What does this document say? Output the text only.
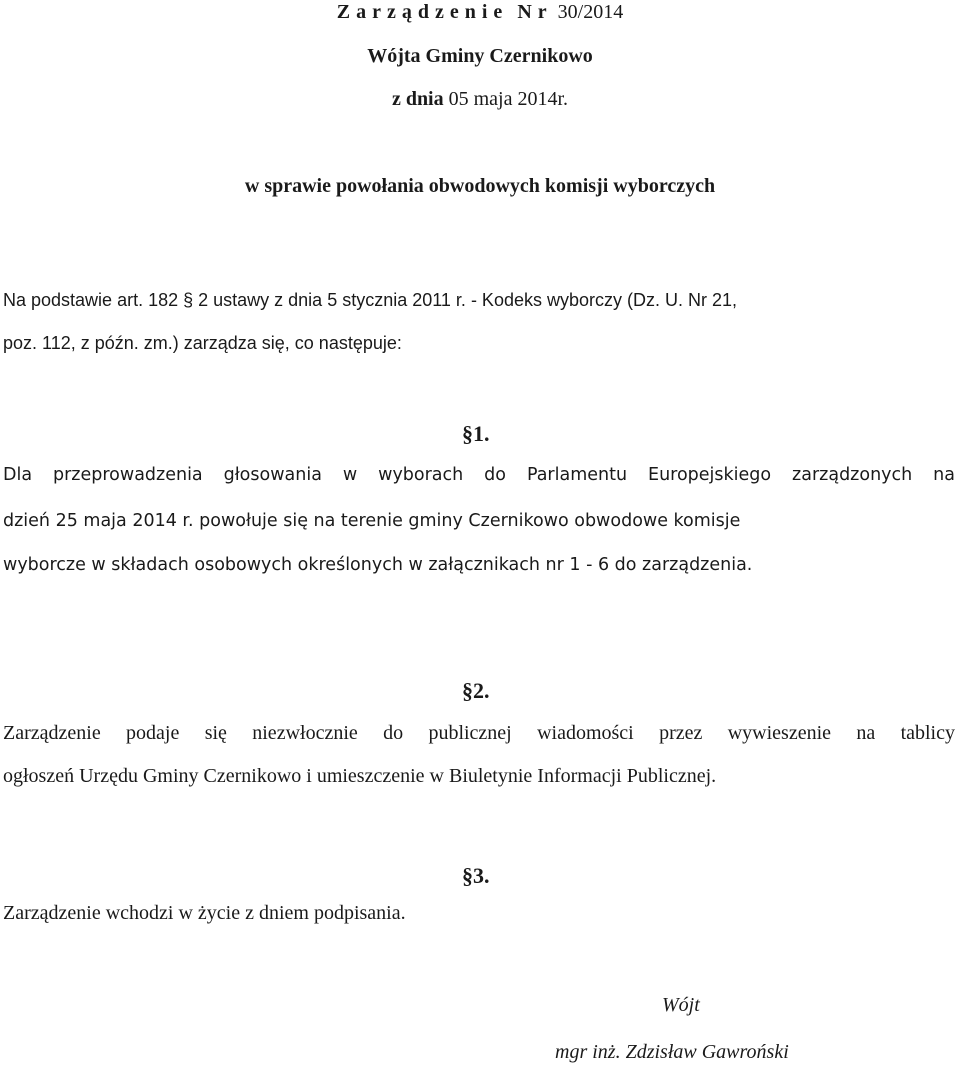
Zarządzenie Nr 30/2014
Wójta Gminy Czernikowo
z dnia 05 maja 2014r.
w sprawie powołania obwodowych komisji wyborczych
Na podstawie art. 182 § 2 ustawy z dnia 5 stycznia 2011 r. - Kodeks wyborczy (Dz. U. Nr 21,
poz. 112, z późn. zm.) zarządza się, co następuje:
§1.
Dla przeprowadzenia głosowania w wyborach do Parlamentu Europejskiego zarządzonych na
dzień 25 maja 2014 r. powołuje się na terenie gminy Czernikowo obwodowe komisje
wyborcze w składach osobowych określonych w załącznikach nr 1 - 6 do zarządzenia.
§2.
Zarządzenie podaje się niezwłocznie do publicznej wiadomości przez wywieszenie na tablicy
ogłoszeń Urzędu Gminy Czernikowo i umieszczenie w Biuletynie Informacji Publicznej.
§3.
Zarządzenie wchodzi w życie z dniem podpisania.
Wójt
mgr inż. Zdzisław Gawroński
